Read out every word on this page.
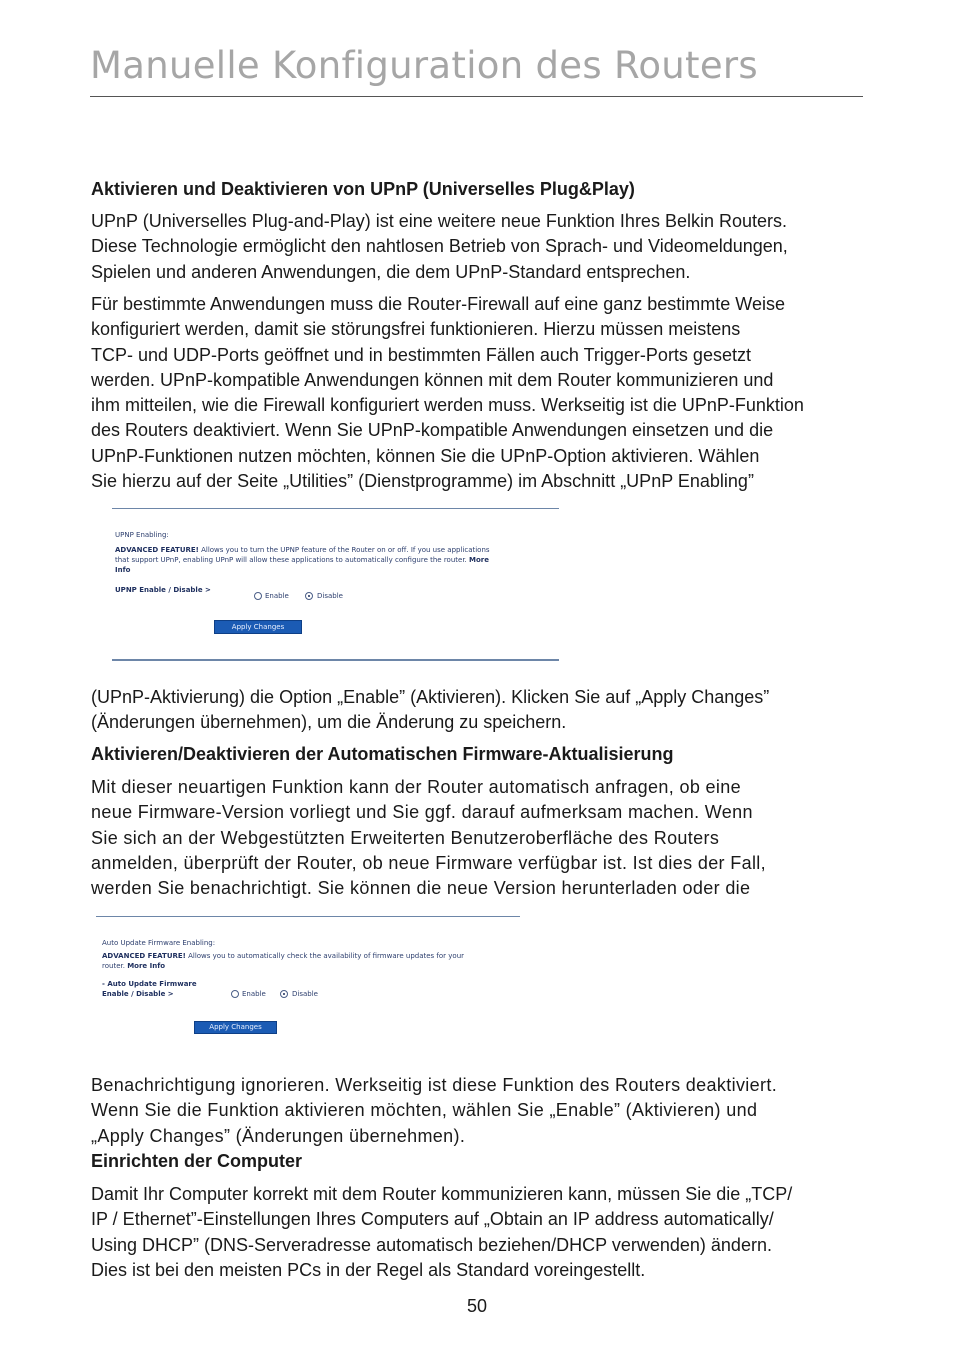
Manuelle Konfiguration des Routers
Aktivieren und Deaktivieren von UPnP (Universelles Plug&Play)
UPnP (Universelles Plug-and-Play) ist eine weitere neue Funktion Ihres Belkin Routers.
Diese Technologie ermöglicht den nahtlosen Betrieb von Sprach- und Videomeldungen,
Spielen und anderen Anwendungen, die dem UPnP-Standard entsprechen.
Für bestimmte Anwendungen muss die Router-Firewall auf eine ganz bestimmte Weise
konfiguriert werden, damit sie störungsfrei funktionieren. Hierzu müssen meistens
TCP- und UDP-Ports geöffnet und in bestimmten Fällen auch Trigger-Ports gesetzt
werden. UPnP-kompatible Anwendungen können mit dem Router kommunizieren und
ihm mitteilen, wie die Firewall konfiguriert werden muss. Werkseitig ist die UPnP-Funktion
des Routers deaktiviert. Wenn Sie UPnP-kompatible Anwendungen einsetzen und die
UPnP-Funktionen nutzen möchten, können Sie die UPnP-Option aktivieren. Wählen
Sie hierzu auf der Seite „Utilities” (Dienstprogramme) im Abschnitt „UPnP Enabling”
UPNP Enabling:
ADVANCED FEATURE! Allows you to turn the UPNP feature of the Router on or off. If you use applications
that support UPnP, enabling UPnP will allow these applications to automatically configure the router. More
Info
UPNP Enable / Disable >
Enable	Disable
Apply Changes
(UPnP-Aktivierung) die Option „Enable” (Aktivieren). Klicken Sie auf „Apply Changes”
(Änderungen übernehmen), um die Änderung zu speichern.
Aktivieren/Deaktivieren der Automatischen Firmware-Aktualisierung
Mit dieser neuartigen Funktion kann der Router automatisch anfragen, ob eine
neue Firmware-Version vorliegt und Sie ggf. darauf aufmerksam machen. Wenn
Sie sich an der Webgestützten Erweiterten Benutzeroberfläche des Routers
anmelden, überprüft der Router, ob neue Firmware verfügbar ist. Ist dies der Fall,
werden Sie benachrichtigt. Sie können die neue Version herunterladen oder die
Auto Update Firmware Enabling:
ADVANCED FEATURE! Allows you to automatically check the availability of firmware updates for your
router. More Info
- Auto Update Firmware
Enable / Disable >	Enable	Disable
Apply Changes
Benachrichtigung ignorieren. Werkseitig ist diese Funktion des Routers deaktiviert.
Wenn Sie die Funktion aktivieren möchten, wählen Sie „Enable” (Aktivieren) und
„Apply Changes” (Änderungen übernehmen).
Einrichten der Computer
Damit Ihr Computer korrekt mit dem Router kommunizieren kann, müssen Sie die „TCP/
IP / Ethernet”-Einstellungen Ihres Computers auf „Obtain an IP address automatically/
Using DHCP” (DNS-Serveradresse automatisch beziehen/DHCP verwenden) ändern.
Dies ist bei den meisten PCs in der Regel als Standard voreingestellt.
50
